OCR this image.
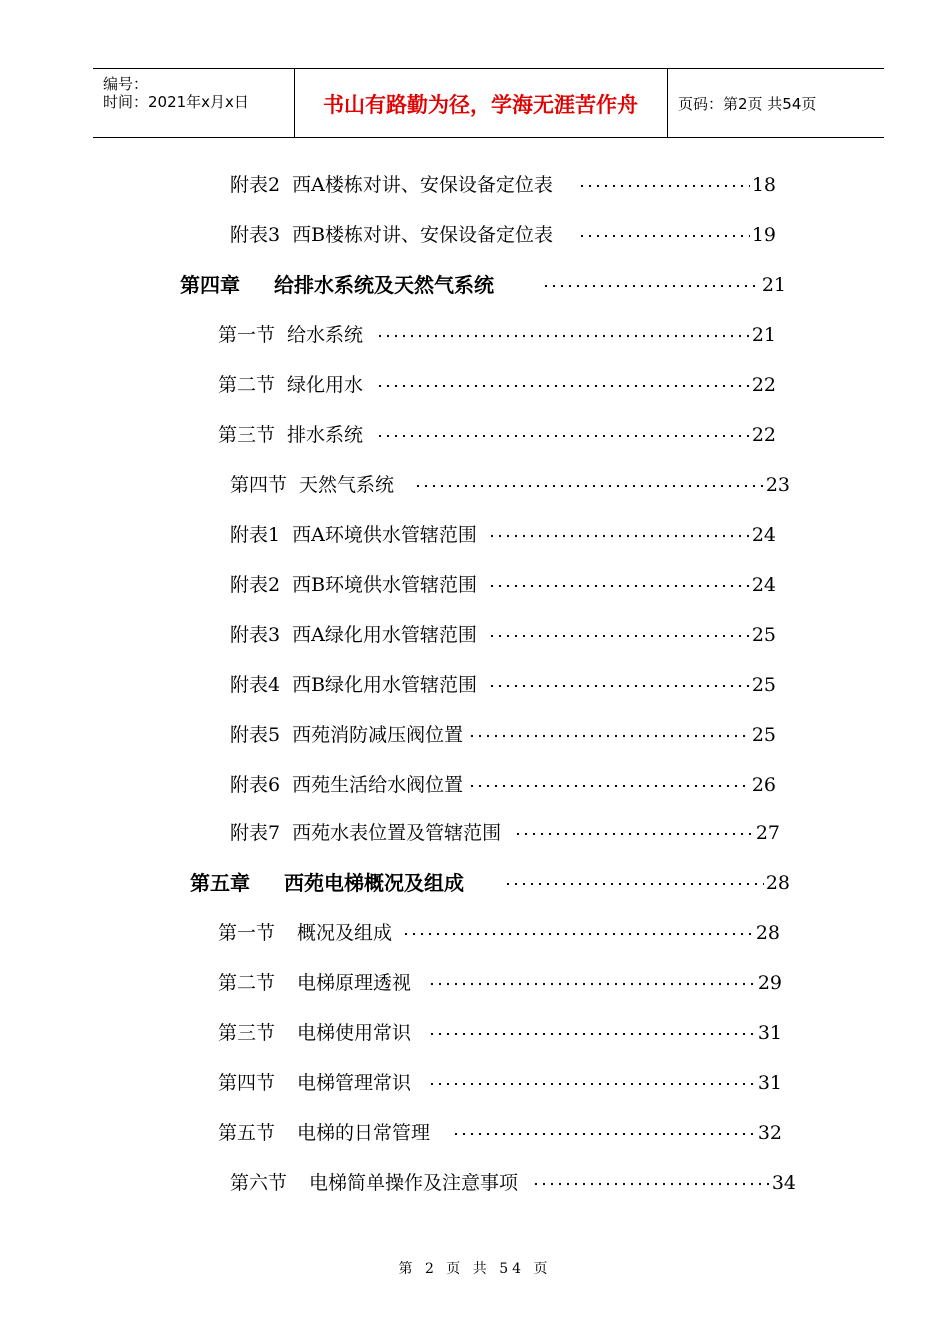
编号：
时间：2021年x月x日	书山有路勤为径，学海无涯苦作舟	页码：第2页 共54页
附表2 西A楼栋对讲、安保设备定位表	18
附表3 西B楼栋对讲、安保设备定位表	19
第四章 给排水系统及天然气系统	21
第一节 给水系统	21
第二节 绿化用水	22
第三节 排水系统	22
第四节 天然气系统	23
附表1 西A环境供水管辖范围	24
附表2 西B环境供水管辖范围	24
附表3 西A绿化用水管辖范围	25
附表4 西B绿化用水管辖范围	25
附表5 西苑消防减压阀位置	25
附表6 西苑生活给水阀位置	26
附表7 西苑水表位置及管辖范围	27
第五章 西苑电梯概况及组成	28
第一节 概况及组成	28
第二节 电梯原理透视	29
第三节 电梯使用常识	31
第四节 电梯管理常识	31
第五节 电梯的日常管理	32
第六节 电梯简单操作及注意事项	34
第 2 页 共 54 页
